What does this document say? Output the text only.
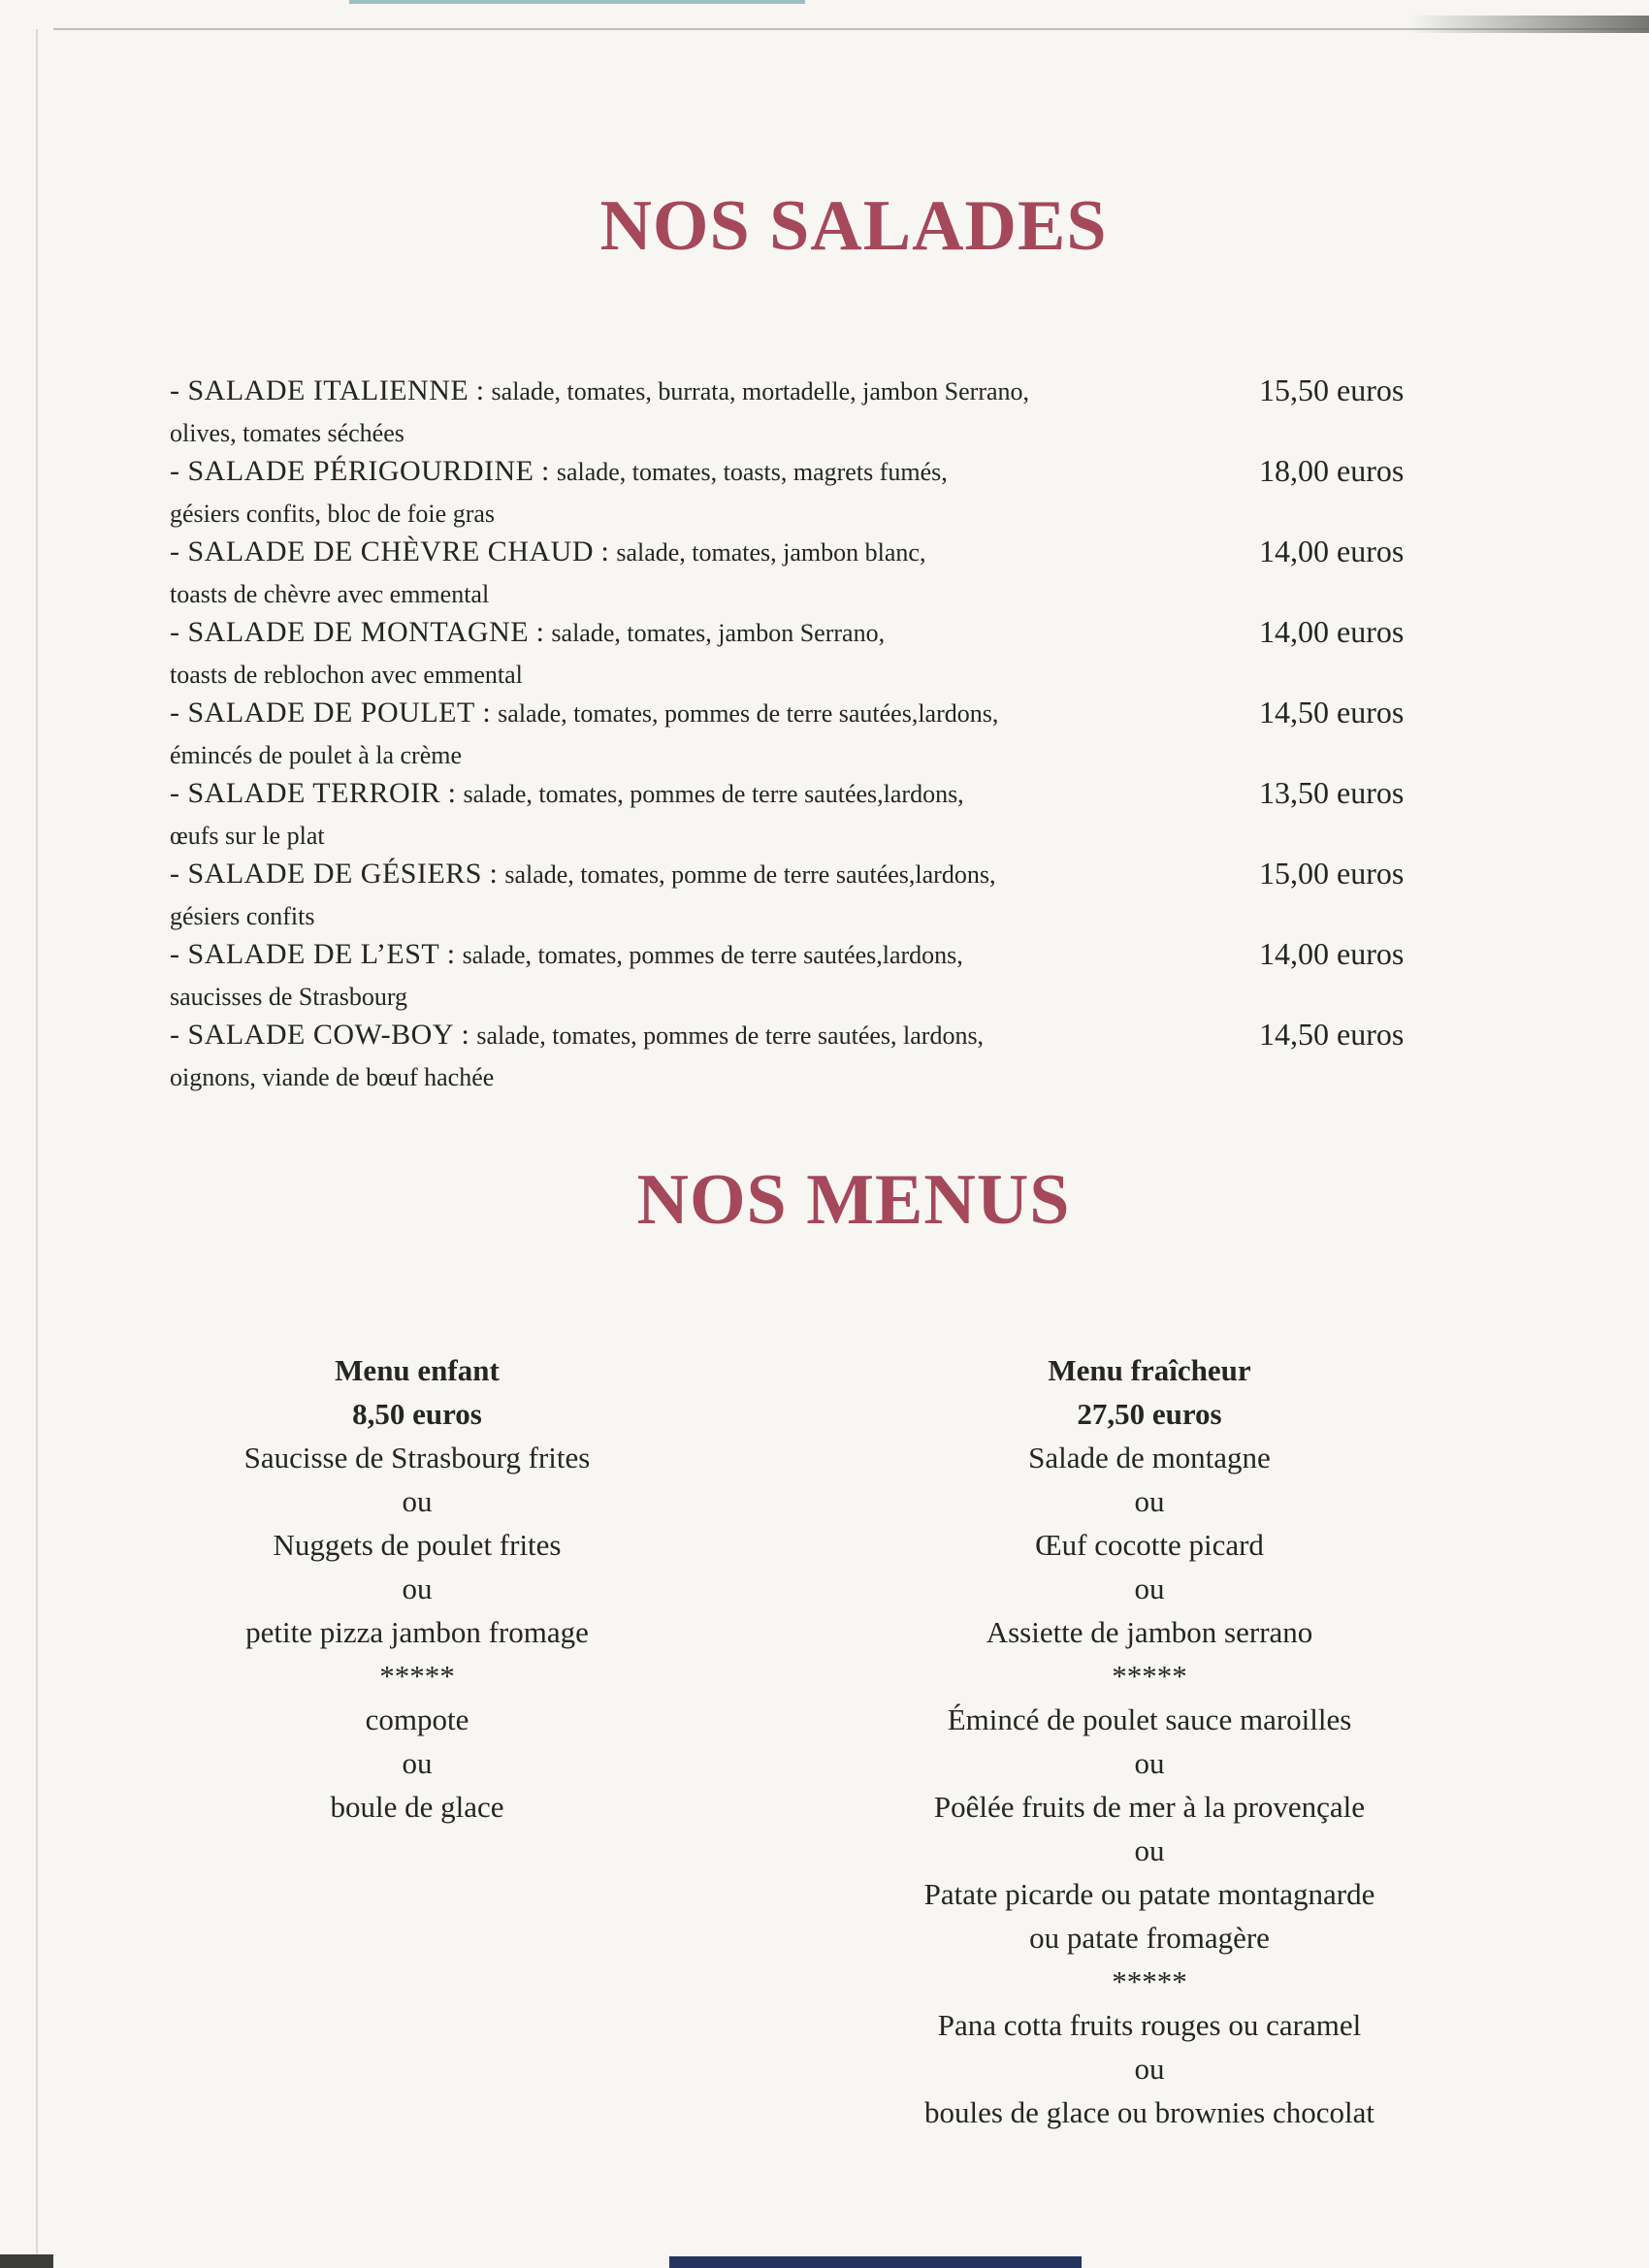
NOS SALADES
- SALADE ITALIENNE : salade, tomates, burrata, mortadelle, jambon Serrano,
olives, tomates séchées
15,50 euros
- SALADE PÉRIGOURDINE : salade, tomates, toasts, magrets fumés,
gésiers confits, bloc de foie gras
18,00 euros
- SALADE DE CHÈVRE CHAUD : salade, tomates, jambon blanc,
toasts de chèvre avec emmental
14,00 euros
- SALADE DE MONTAGNE : salade, tomates, jambon Serrano,
toasts de reblochon avec emmental
14,00 euros
- SALADE DE POULET : salade, tomates, pommes de terre sautées,lardons,
émincés de poulet à la crème
14,50 euros
- SALADE TERROIR : salade, tomates, pommes de terre sautées,lardons,
œufs sur le plat
13,50 euros
- SALADE DE GÉSIERS : salade, tomates, pomme de terre sautées,lardons,
gésiers confits
15,00 euros
- SALADE DE L’EST : salade, tomates, pommes de terre sautées,lardons,
saucisses de Strasbourg
14,00 euros
- SALADE COW-BOY : salade, tomates, pommes de terre sautées, lardons,
oignons, viande de bœuf hachée
14,50 euros
NOS MENUS
Menu enfant
8,50 euros
Saucisse de Strasbourg frites
ou
Nuggets de poulet frites
ou
petite pizza jambon fromage
*****
compote
ou
boule de glace
Menu fraîcheur
27,50 euros
Salade de montagne
ou
Œuf cocotte picard
ou
Assiette de jambon serrano
*****
Émincé de poulet sauce maroilles
ou
Poêlée fruits de mer à la provençale
ou
Patate picarde ou patate montagnarde
ou patate fromagère
*****
Pana cotta fruits rouges ou caramel
ou
boules de glace ou brownies chocolat
